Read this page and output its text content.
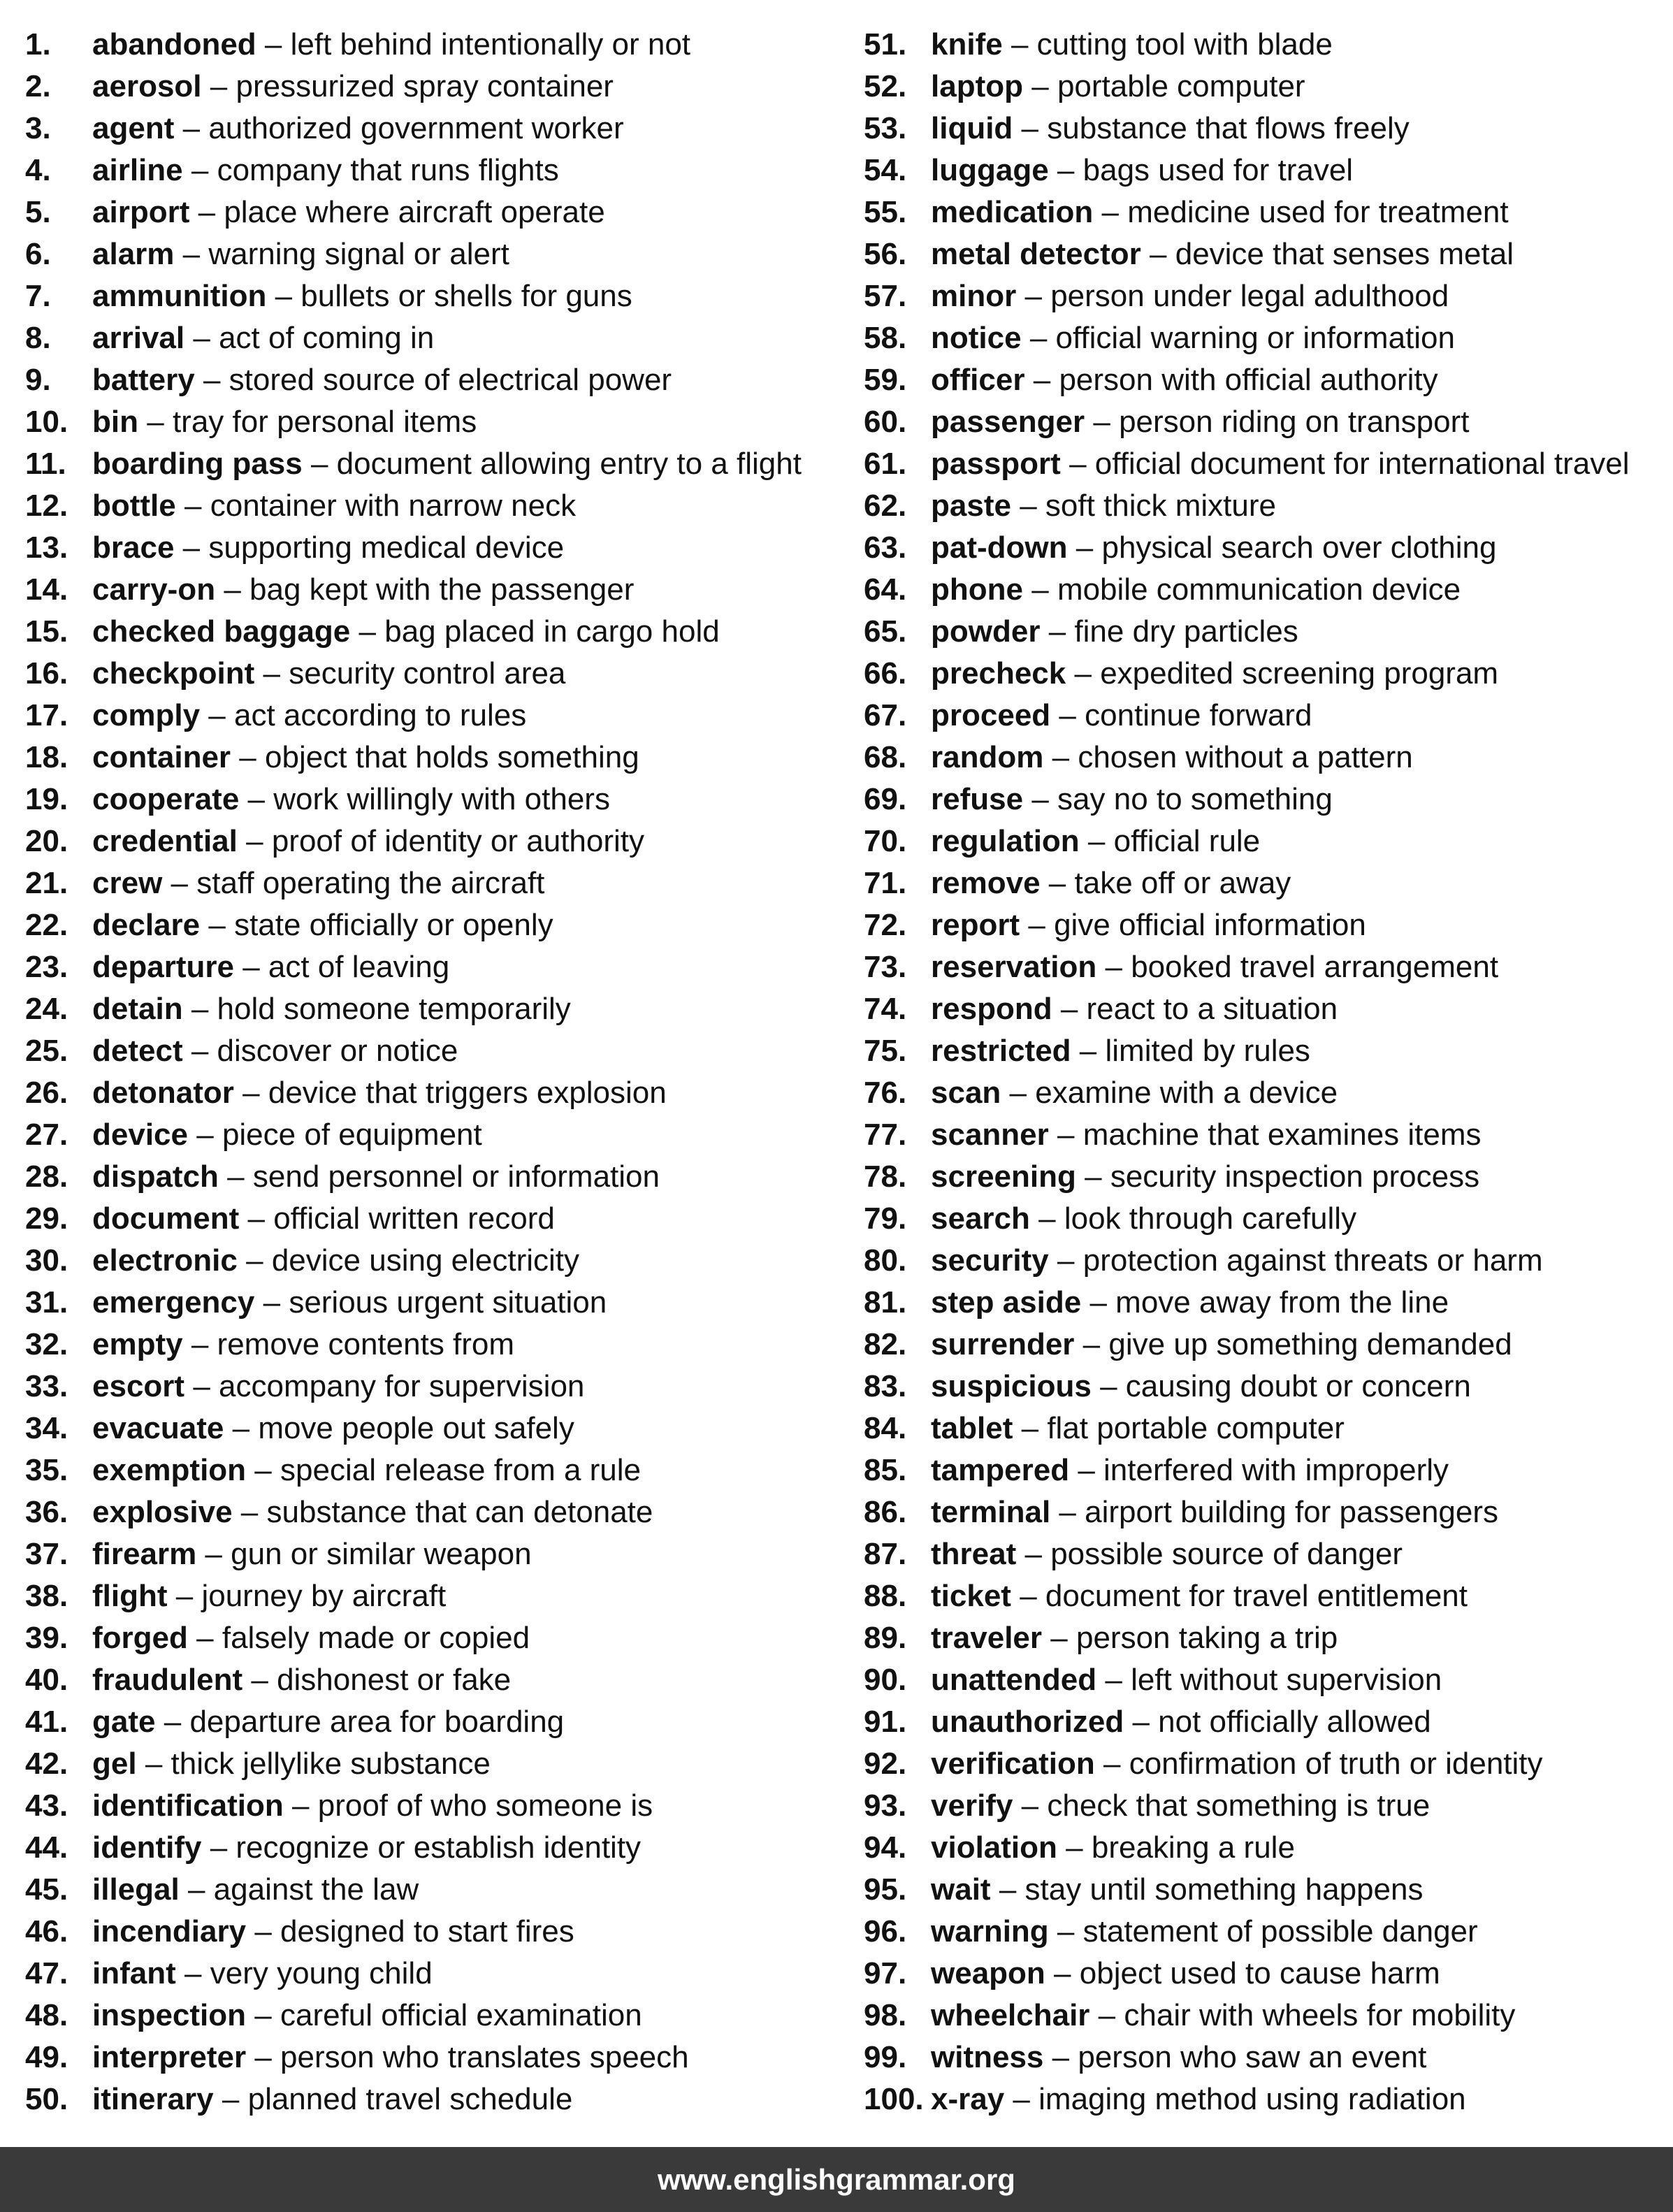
1. abandoned – left behind intentionally or not
2. aerosol – pressurized spray container
3. agent – authorized government worker
4. airline – company that runs flights
5. airport – place where aircraft operate
6. alarm – warning signal or alert
7. ammunition – bullets or shells for guns
8. arrival – act of coming in
9. battery – stored source of electrical power
10. bin – tray for personal items
11. boarding pass – document allowing entry to a flight
12. bottle – container with narrow neck
13. brace – supporting medical device
14. carry-on – bag kept with the passenger
15. checked baggage – bag placed in cargo hold
16. checkpoint – security control area
17. comply – act according to rules
18. container – object that holds something
19. cooperate – work willingly with others
20. credential – proof of identity or authority
21. crew – staff operating the aircraft
22. declare – state officially or openly
23. departure – act of leaving
24. detain – hold someone temporarily
25. detect – discover or notice
26. detonator – device that triggers explosion
27. device – piece of equipment
28. dispatch – send personnel or information
29. document – official written record
30. electronic – device using electricity
31. emergency – serious urgent situation
32. empty – remove contents from
33. escort – accompany for supervision
34. evacuate – move people out safely
35. exemption – special release from a rule
36. explosive – substance that can detonate
37. firearm – gun or similar weapon
38. flight – journey by aircraft
39. forged – falsely made or copied
40. fraudulent – dishonest or fake
41. gate – departure area for boarding
42. gel – thick jellylike substance
43. identification – proof of who someone is
44. identify – recognize or establish identity
45. illegal – against the law
46. incendiary – designed to start fires
47. infant – very young child
48. inspection – careful official examination
49. interpreter – person who translates speech
50. itinerary – planned travel schedule
51. knife – cutting tool with blade
52. laptop – portable computer
53. liquid – substance that flows freely
54. luggage – bags used for travel
55. medication – medicine used for treatment
56. metal detector – device that senses metal
57. minor – person under legal adulthood
58. notice – official warning or information
59. officer – person with official authority
60. passenger – person riding on transport
61. passport – official document for international travel
62. paste – soft thick mixture
63. pat-down – physical search over clothing
64. phone – mobile communication device
65. powder – fine dry particles
66. precheck – expedited screening program
67. proceed – continue forward
68. random – chosen without a pattern
69. refuse – say no to something
70. regulation – official rule
71. remove – take off or away
72. report – give official information
73. reservation – booked travel arrangement
74. respond – react to a situation
75. restricted – limited by rules
76. scan – examine with a device
77. scanner – machine that examines items
78. screening – security inspection process
79. search – look through carefully
80. security – protection against threats or harm
81. step aside – move away from the line
82. surrender – give up something demanded
83. suspicious – causing doubt or concern
84. tablet – flat portable computer
85. tampered – interfered with improperly
86. terminal – airport building for passengers
87. threat – possible source of danger
88. ticket – document for travel entitlement
89. traveler – person taking a trip
90. unattended – left without supervision
91. unauthorized – not officially allowed
92. verification – confirmation of truth or identity
93. verify – check that something is true
94. violation – breaking a rule
95. wait – stay until something happens
96. warning – statement of possible danger
97. weapon – object used to cause harm
98. wheelchair – chair with wheels for mobility
99. witness – person who saw an event
100. x-ray – imaging method using radiation
www.englishgrammar.org
